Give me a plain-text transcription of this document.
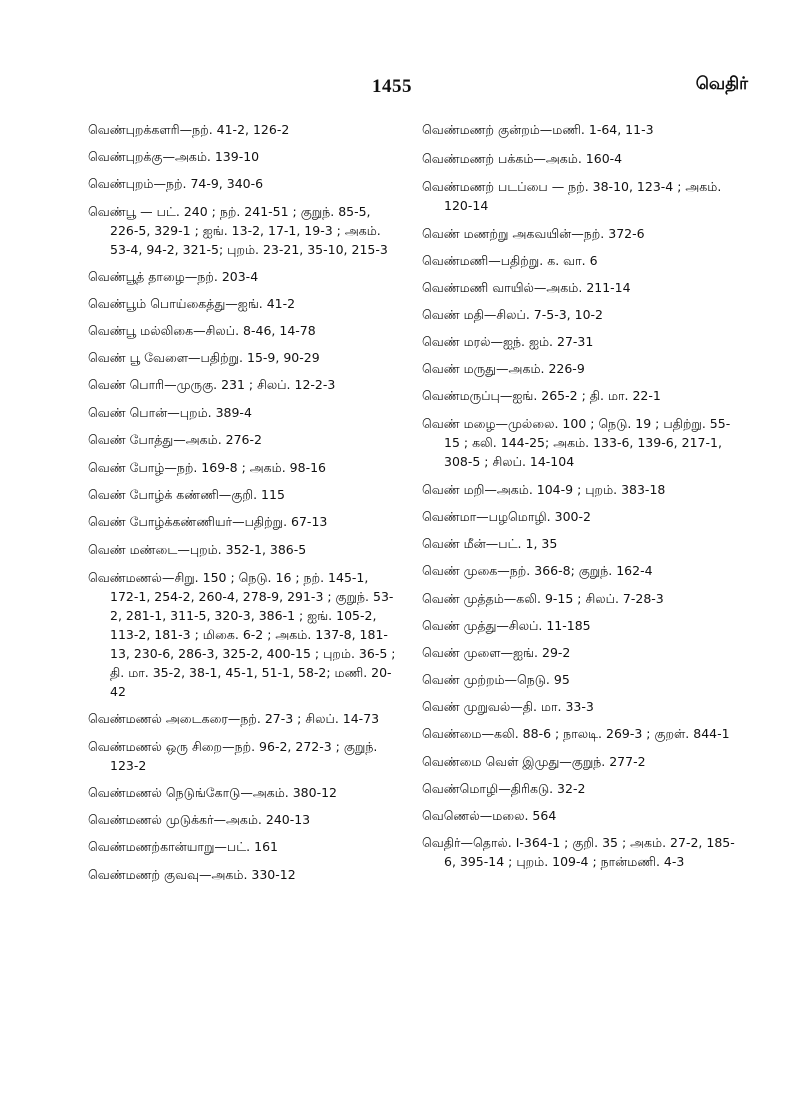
1455	வெதிர்

வெண்புறக்களரி—நற். 41-2, 126-2

வெண்புறக்கு—அகம். 139-10

வெண்புறம்—நற். 74-9, 340-6

வெண்பூ — பட். 240 ; நற். 241-51 ; குறுந். 85-5, 226-5, 329-1 ; ஐங். 13-2, 17-1, 19-3 ; அகம். 53-4, 94-2, 321-5; புறம். 23-21, 35-10, 215-3

வெண்பூத் தாழை—நற். 203-4

வெண்பூம் பொய்கைத்து—ஐங். 41-2

வெண்பூ மல்லிகை—சிலப். 8-46, 14-78

வெண் பூ வேளை—பதிற்று. 15-9, 90-29

வெண் பொரி—முருகு. 231 ; சிலப். 12-2-3

வெண் பொன்—புறம். 389-4

வெண் போத்து—அகம். 276-2

வெண் போழ்—நற். 169-8 ; அகம். 98-16

வெண் போழ்க் கண்ணி—குறி. 115

வெண் போழ்க்கண்ணியர்—பதிற்று. 67-13

வெண் மண்டை—புறம். 352-1, 386-5

வெண்மணல்—சிறு. 150 ; நெடு. 16 ; நற். 145-1, 172-1, 254-2, 260-4, 278-9, 291-3 ; குறுந். 53-2, 281-1, 311-5, 320-3, 386-1 ; ஐங். 105-2, 113-2, 181-3 ; மிகை. 6-2 ; அகம். 137-8, 181-13, 230-6, 286-3, 325-2, 400-15 ; புறம். 36-5 ; தி. மா. 35-2, 38-1, 45-1, 51-1, 58-2; மணி. 20-42

வெண்மணல் அடைகரை—நற். 27-3 ; சிலப். 14-73

வெண்மணல் ஒரு சிறை—நற். 96-2, 272-3 ; குறுந். 123-2

வெண்மணல் நெடுங்கோடு—அகம். 380-12

வெண்மணல் முடுக்கர்—அகம். 240-13

வெண்மணற்கான்யாறு—பட். 161

வெண்மணற் குவவு—அகம். 330-12

வெண்மணற் குன்றம்—மணி. 1-64, 11-3

வெண்மணற் பக்கம்—அகம். 160-4

வெண்மணற் படப்பை — நற். 38-10, 123-4 ; அகம். 120-14

வெண் மணற்று அகவயின்—நற். 372-6

வெண்மணி—பதிற்று. க. வா. 6

வெண்மணி வாயில்—அகம். 211-14

வெண் மதி—சிலப். 7-5-3, 10-2

வெண் மரல்—ஐந். ஐம். 27-31

வெண் மருது—அகம். 226-9

வெண்மருப்பு—ஐங். 265-2 ; தி. மா. 22-1

வெண் மழை—முல்லை. 100 ; நெடு. 19 ; பதிற்று. 55-15 ; கலி. 144-25; அகம். 133-6, 139-6, 217-1, 308-5 ; சிலப். 14-104

வெண் மறி—அகம். 104-9 ; புறம். 383-18

வெண்மா—பழமொழி. 300-2

வெண் மீன்—பட். 1, 35

வெண் முகை—நற். 366-8; குறுந். 162-4

வெண் முத்தம்—கலி. 9-15 ; சிலப். 7-28-3

வெண் முத்து—சிலப். 11-185

வெண் முளை—ஐங். 29-2

வெண் முற்றம்—நெடு. 95

வெண் முறுவல்—தி. மா. 33-3

வெண்மை—கலி. 88-6 ; நாலடி. 269-3 ; குறள். 844-1

வெண்மை வெள் இமுது—குறுந். 277-2

வெண்மொழி—திரிகடு. 32-2

வெணெல்—மலை. 564

வெதிர்—தொல். I-364-1 ; குறி. 35 ; அகம். 27-2, 185-6, 395-14 ; புறம். 109-4 ; நான்மணி. 4-3
